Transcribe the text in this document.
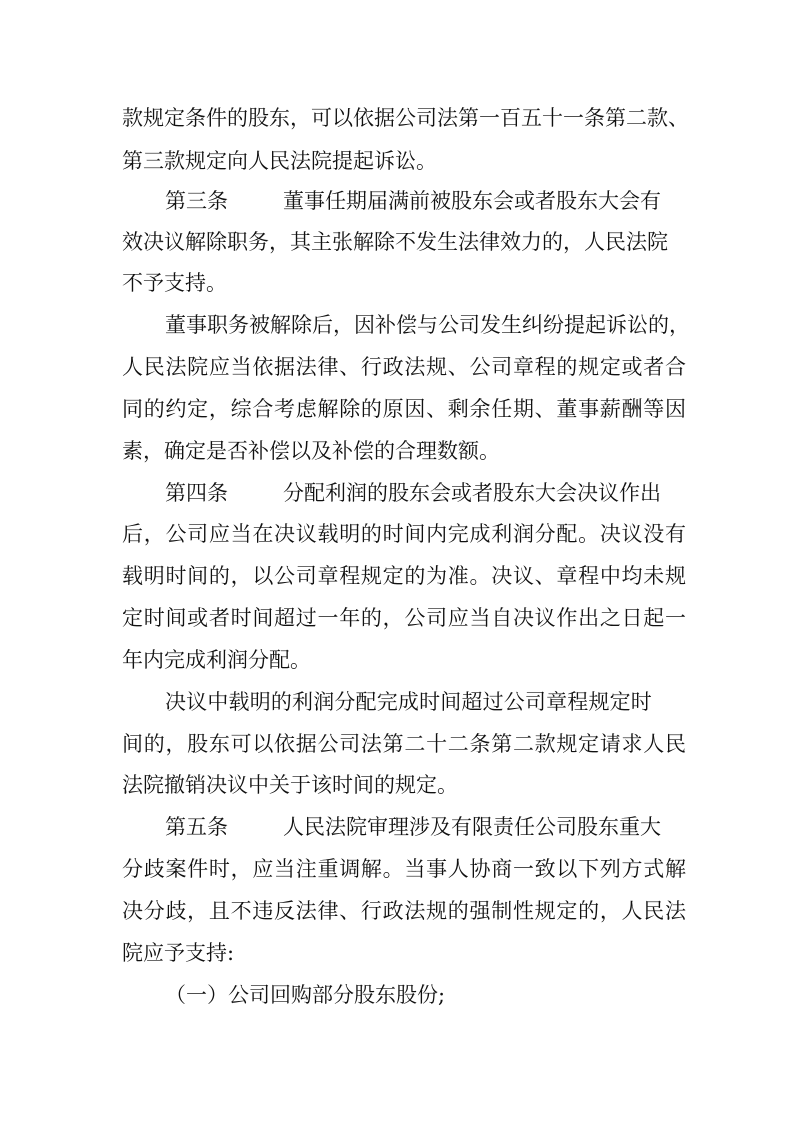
款 规 定 条 件 的 股 东 ， 可 以 依 据 公 司 法 第 一 百 五 十 一 条 第 二 款 、
第三款规定向人民法院提起诉讼。
第三条	董事任期届满前被股东会或者股东大会有
效 决 议 解 除 职 务 ， 其 主 张 解 除 不 发 生 法 律 效 力 的 ， 人 民 法 院
不予支持。
董 事 职 务 被 解 除 后 ， 因 补 偿 与 公 司 发 生 纠 纷 提 起 诉 讼 的 ，
人 民 法 院 应 当 依 据 法 律 、 行 政 法 规 、 公 司 章 程 的 规 定 或 者 合
同 的 约 定 ， 综 合 考 虑 解 除 的 原 因 、 剩 余 任 期 、 董 事 薪 酬 等 因
素，确定是否补偿以及补偿的合理数额。
第四条	分配利润的股东会或者股东大会决议作出
后 ， 公 司 应 当 在 决 议 载 明 的 时 间 内 完 成 利 润 分 配 。 决 议 没 有
载 明 时 间 的 ， 以 公 司 章 程 规 定 的 为 准 。 决 议 、 章 程 中 均 未 规
定 时 间 或 者 时 间 超 过 一 年 的 ， 公 司 应 当 自 决 议 作 出 之 日 起 一
年内完成利润分配。
决 议 中 载 明 的 利 润 分 配 完 成 时 间 超 过 公 司 章 程 规 定 时
间 的 ， 股 东 可 以 依 据 公 司 法 第 二 十 二 条 第 二 款 规 定 请 求 人 民
法院撤销决议中关于该时间的规定。
第五条	人民法院审理涉及有限责任公司股东重大
分 歧 案 件 时 ， 应 当 注 重 调 解 。 当 事 人 协 商 一 致 以 下 列 方 式 解
决 分 歧 ， 且 不 违 反 法 律 、 行 政 法 规 的 强 制 性 规 定 的 ， 人 民 法
院应予支持:
（一）公司回购部分股东股份;
